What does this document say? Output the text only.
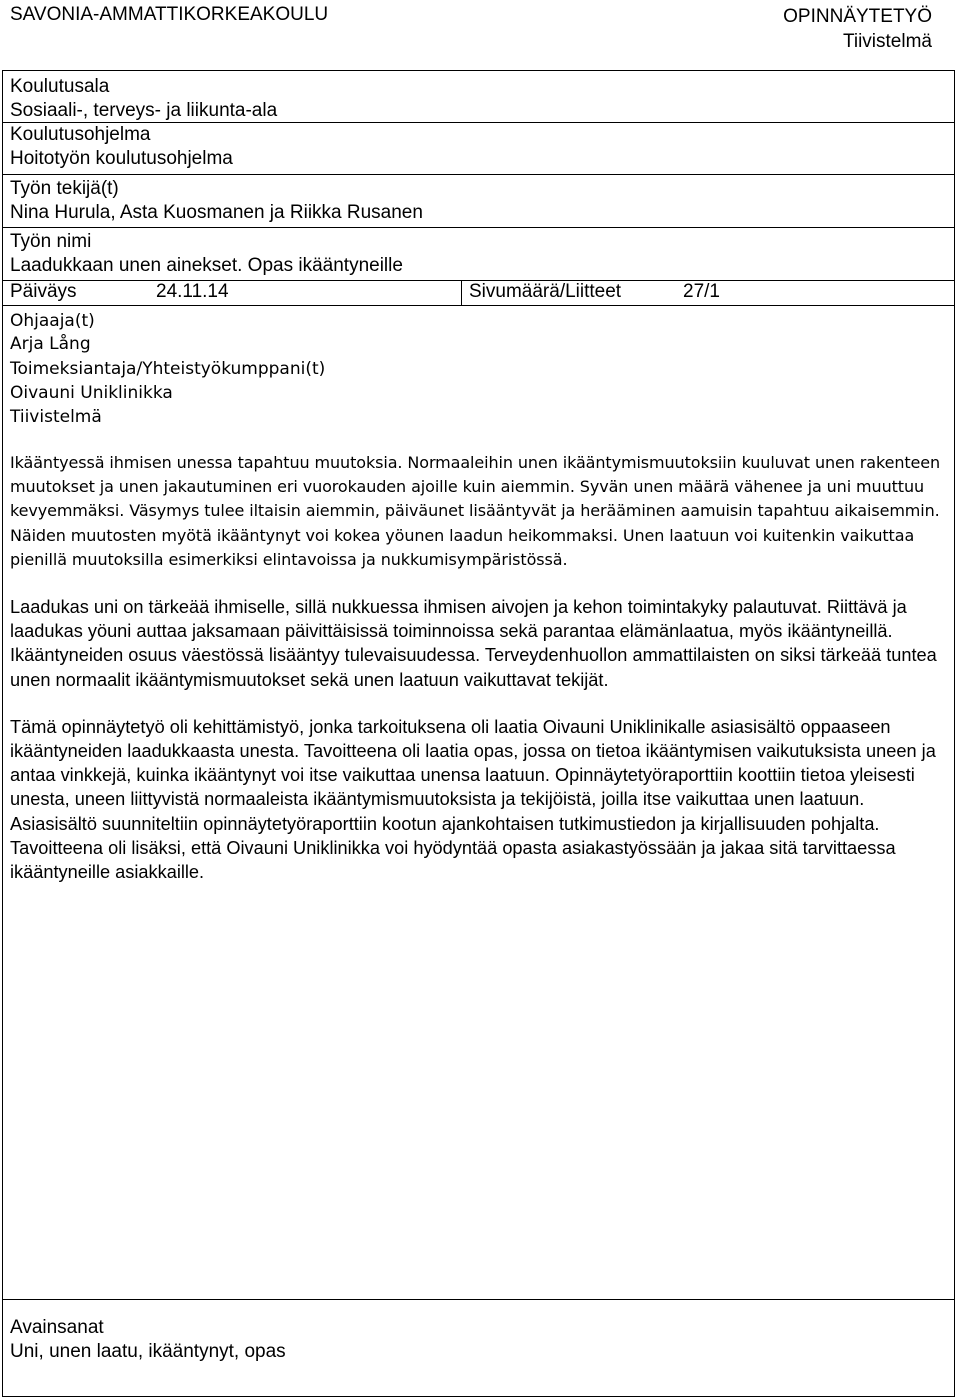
SAVONIA-AMMATTIKORKEAKOULU	OPINNÄYTETYÖ
Tiivistelmä
Koulutusala
Sosiaali-, terveys- ja liikunta-ala
Koulutusohjelma
Hoitotyön koulutusohjelma
Työn tekijä(t)
Nina Hurula, Asta Kuosmanen ja Riikka Rusanen
Työn nimi
Laadukkaan unen ainekset. Opas ikääntyneille
Päiväys	24.11.14	Sivumäärä/Liitteet	27/1
Ohjaaja(t)
Arja Lång
Toimeksiantaja/Yhteistyökumppani(t)
Oivauni Uniklinikka
Tiivistelmä

Ikääntyessä ihmisen unessa tapahtuu muutoksia. Normaaleihin unen ikääntymismuutoksiin kuuluvat unen rakenteen muutokset ja unen jakautuminen eri vuorokauden ajoille kuin aiemmin. Syvän unen määrä vähenee ja uni muuttuu kevyemmäksi. Väsymys tulee iltaisin aiemmin, päiväunet lisääntyvät ja herääminen aamuisin tapahtuu aikaisemmin. Näiden muutosten myötä ikääntynyt voi kokea yöunen laadun heikommaksi. Unen laatuun voi kuitenkin vaikuttaa pienillä muutoksilla esimerkiksi elintavoissa ja nukkumisympäristössä.

Laadukas uni on tärkeää ihmiselle, sillä nukkuessa ihmisen aivojen ja kehon toimintakyky palautuvat. Riittävä ja laadukas yöuni auttaa jaksamaan päivittäisissä toiminnoissa sekä parantaa elämänlaatua, myös ikääntyneillä. Ikääntyneiden osuus väestössä lisääntyy tulevaisuudessa. Terveydenhuollon ammattilaisten on siksi tärkeää tuntea unen normaalit ikääntymismuutokset sekä unen laatuun vaikuttavat tekijät.

Tämä opinnäytetyö oli kehittämistyö, jonka tarkoituksena oli laatia Oivauni Uniklinikalle asiasisältö oppaaseen ikääntyneiden laadukkaasta unesta. Tavoitteena oli laatia opas, jossa on tietoa ikääntymisen vaikutuksista uneen ja antaa vinkkejä, kuinka ikääntynyt voi itse vaikuttaa unensa laatuun. Opinnäytetyöraporttiin koottiin tietoa yleisesti unesta, uneen liittyvistä normaaleista ikääntymismuutoksista ja tekijöistä, joilla itse vaikuttaa unen laatuun. Asiasisältö suunniteltiin opinnäytetyöraporttiin kootun ajankohtaisen tutkimustiedon ja kirjallisuuden pohjalta. Tavoitteena oli lisäksi, että Oivauni Uniklinikka voi hyödyntää opasta asiakastyössään ja jakaa sitä tarvittaessa ikääntyneille asiakkaille.

Avainsanat
Uni, unen laatu, ikääntynyt, opas
